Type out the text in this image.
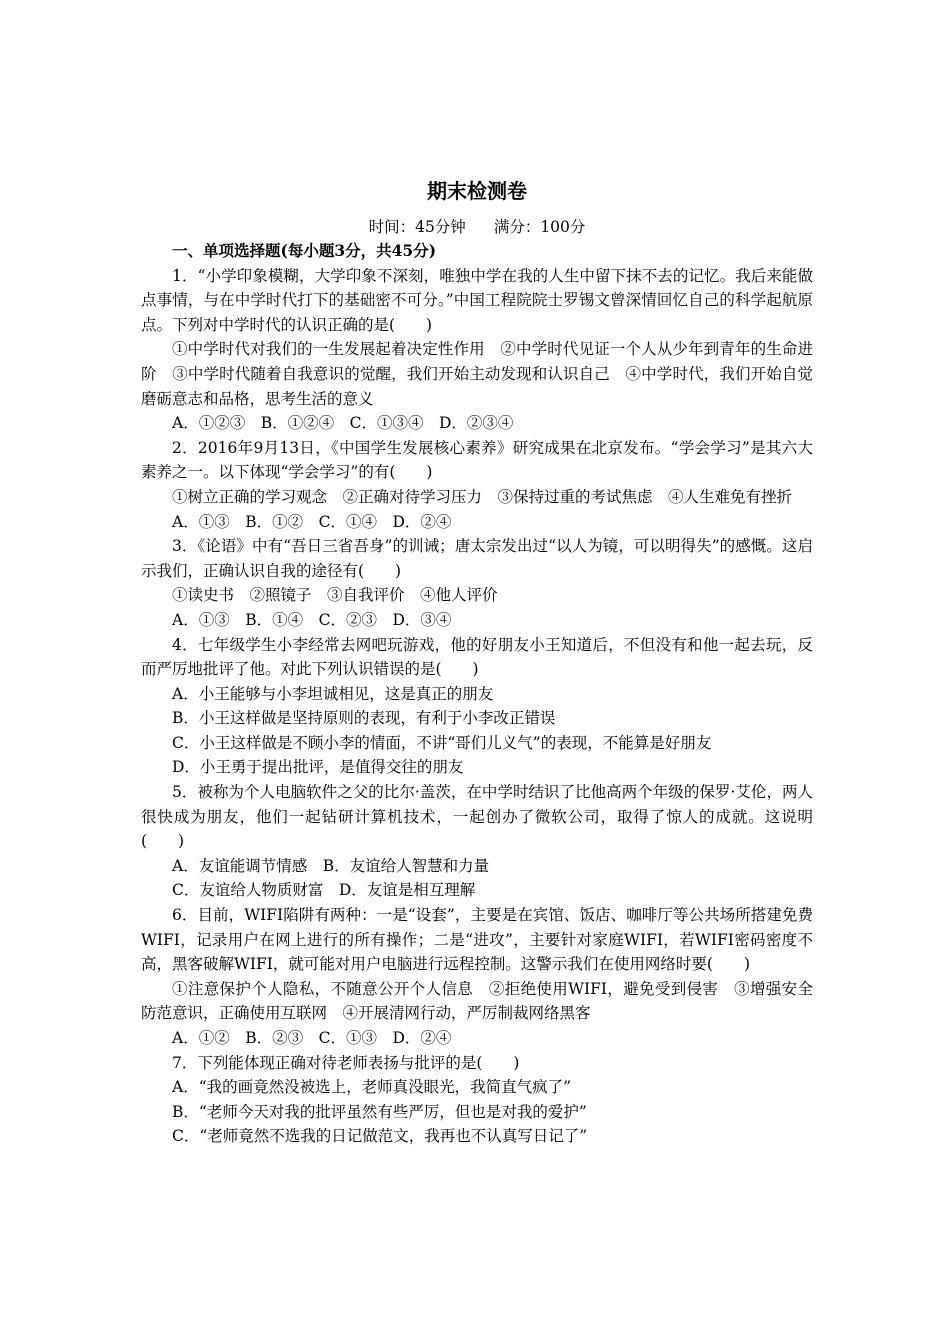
期末检测卷
时间：45分钟 满分：100分

一、单项选择题(每小题3分，共45分)

1．“小学印象模糊，大学印象不深刻，唯独中学在我的人生中留下抹不去的记忆。我后来能做点事情，与在中学时代打下的基础密不可分。”中国工程院院士罗锡文曾深情回忆自己的科学起航原点。下列对中学时代的认识正确的是(　　)

①中学时代对我们的一生发展起着决定性作用　②中学时代见证一个人从少年到青年的生命进阶　③中学时代随着自我意识的觉醒，我们开始主动发现和认识自己　④中学时代，我们开始自觉磨砺意志和品格，思考生活的意义

A．①②③　B．①②④　C．①③④　D．②③④

2．2016年9月13日，《中国学生发展核心素养》研究成果在北京发布。“学会学习”是其六大素养之一。以下体现“学会学习”的有(　　)

①树立正确的学习观念　②正确对待学习压力　③保持过重的考试焦虑　④人生难免有挫折

A．①③　B．①②　C．①④　D．②④

3．《论语》中有“吾日三省吾身”的训诫；唐太宗发出过“以人为镜，可以明得失”的感慨。这启示我们，正确认识自我的途径有(　　)

①读史书　②照镜子　③自我评价　④他人评价

A．①③　B．①④　C．②③　D．③④

4．七年级学生小李经常去网吧玩游戏，他的好朋友小王知道后，不但没有和他一起去玩，反而严厉地批评了他。对此下列认识错误的是(　　)

A．小王能够与小李坦诚相见，这是真正的朋友

B．小王这样做是坚持原则的表现，有利于小李改正错误

C．小王这样做是不顾小李的情面，不讲“哥们儿义气”的表现，不能算是好朋友

D．小王勇于提出批评，是值得交往的朋友

5．被称为个人电脑软件之父的比尔·盖茨，在中学时结识了比他高两个年级的保罗·艾伦，两人很快成为朋友，他们一起钻研计算机技术，一起创办了微软公司，取得了惊人的成就。这说明(　　)

A．友谊能调节情感　B．友谊给人智慧和力量

C．友谊给人物质财富　D．友谊是相互理解

6．目前，WIFI陷阱有两种：一是“设套”，主要是在宾馆、饭店、咖啡厅等公共场所搭建免费WIFI，记录用户在网上进行的所有操作；二是“进攻”，主要针对家庭WIFI，若WIFI密码密度不高，黑客破解WIFI，就可能对用户电脑进行远程控制。这警示我们在使用网络时要(　　)

①注意保护个人隐私，不随意公开个人信息　②拒绝使用WIFI，避免受到侵害　③增强安全防范意识，正确使用互联网　④开展清网行动，严厉制裁网络黑客

A．①②　B．②③　C．①③　D．②④

7．下列能体现正确对待老师表扬与批评的是(　　)

A．“我的画竟然没被选上，老师真没眼光，我简直气疯了”

B．“老师今天对我的批评虽然有些严厉，但也是对我的爱护”

C．“老师竟然不选我的日记做范文，我再也不认真写日记了”
